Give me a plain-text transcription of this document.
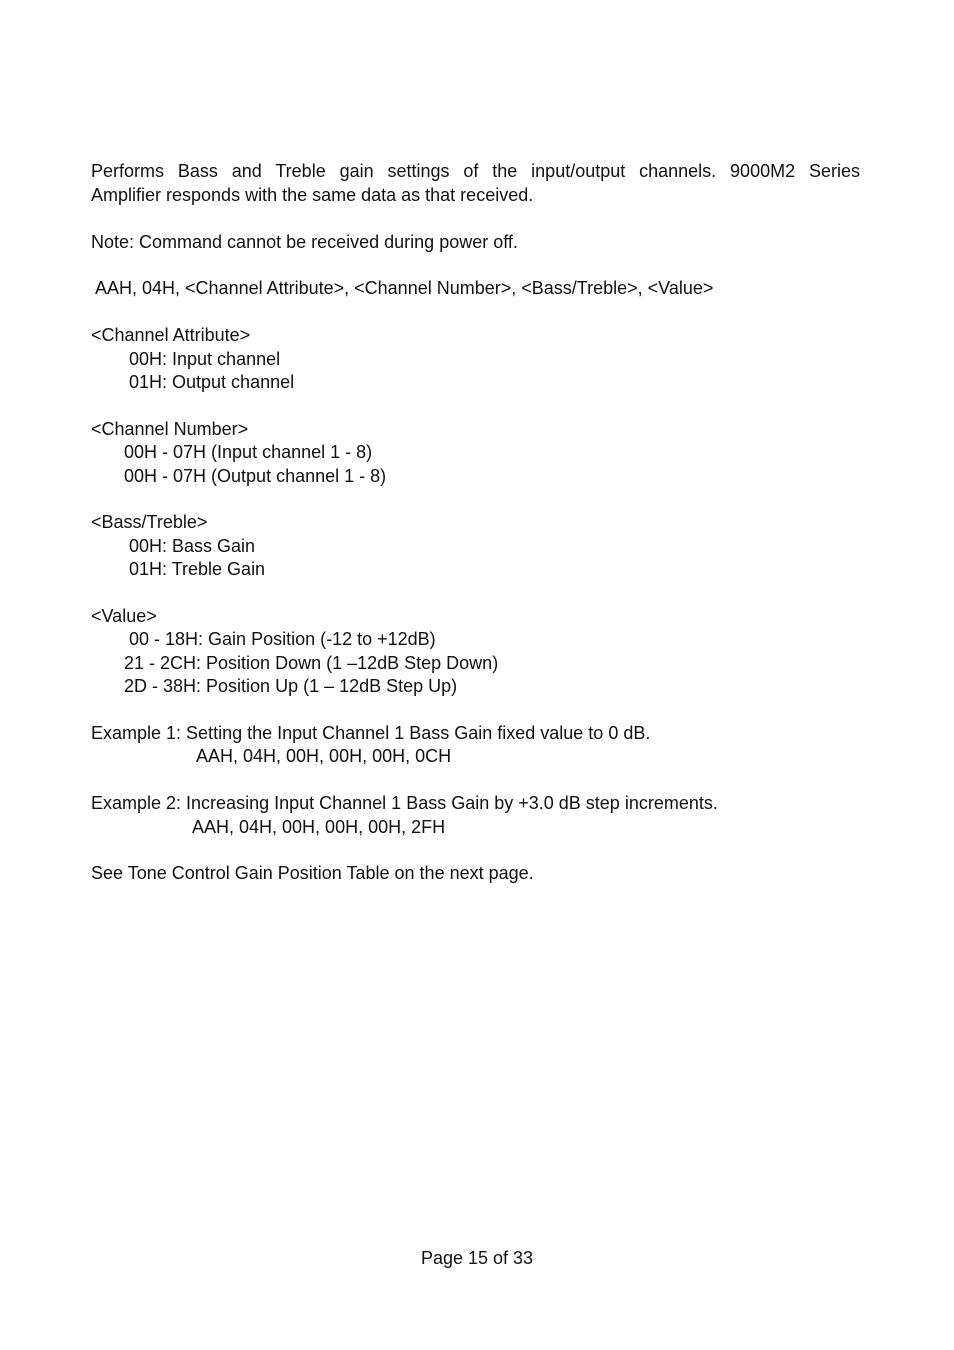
Performs Bass and Treble gain settings of the input/output channels. 9000M2 Series
Amplifier responds with the same data as that received.
Note: Command cannot be received during power off.
AAH, 04H, <Channel Attribute>, <Channel Number>, <Bass/Treble>, <Value>
<Channel Attribute>
00H: Input channel
01H: Output channel
<Channel Number>
00H - 07H (Input channel 1 - 8)
00H - 07H (Output channel 1 - 8)
<Bass/Treble>
00H: Bass Gain
01H: Treble Gain
<Value>
00 - 18H: Gain Position (-12 to +12dB)
21 - 2CH: Position Down (1 –12dB Step Down)
2D - 38H: Position Up (1 – 12dB Step Up)
Example 1: Setting the Input Channel 1 Bass Gain fixed value to 0 dB.
AAH, 04H, 00H, 00H, 00H, 0CH
Example 2: Increasing Input Channel 1 Bass Gain by +3.0 dB step increments.
AAH, 04H, 00H, 00H, 00H, 2FH
See Tone Control Gain Position Table on the next page.
Page 15 of 33
